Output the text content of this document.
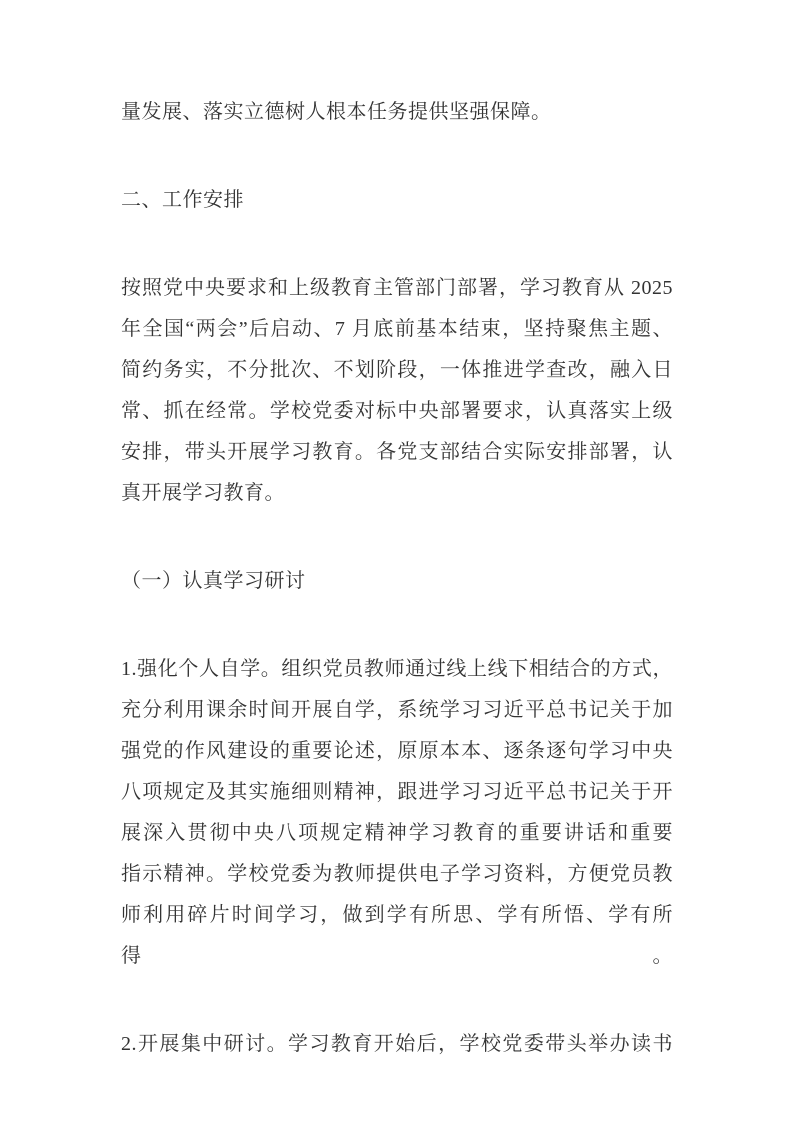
量发展、落实立德树人根本任务提供坚强保障。
二、工作安排
按照党中央要求和上级教育主管部门部署，学习教育从 2025
年全国“两会”后启动、7 月底前基本结束，坚持聚焦主题、
简约务实，不分批次、不划阶段，一体推进学查改，融入日
常、抓在经常。学校党委对标中央部署要求，认真落实上级
安排，带头开展学习教育。各党支部结合实际安排部署，认
真开展学习教育。
（一）认真学习研讨
1.强化个人自学。组织党员教师通过线上线下相结合的方式，
充分利用课余时间开展自学，系统学习习近平总书记关于加
强党的作风建设的重要论述，原原本本、逐条逐句学习中央
八项规定及其实施细则精神，跟进学习习近平总书记关于开
展深入贯彻中央八项规定精神学习教育的重要讲话和重要
指示精神。学校党委为教师提供电子学习资料，方便党员教
师利用碎片时间学习，做到学有所思、学有所悟、学有所得。
2.开展集中研讨。学习教育开始后，学校党委带头举办读书
